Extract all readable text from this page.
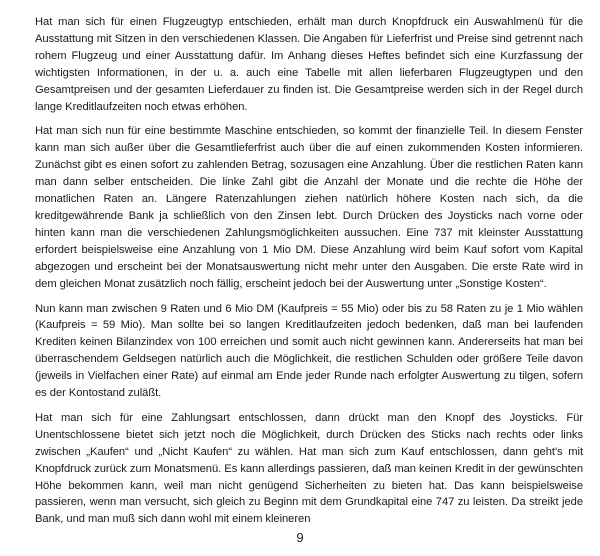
Hat man sich für einen Flugzeugtyp entschieden, erhält man durch Knopfdruck ein Auswahlmenü für die Ausstattung mit Sitzen in den verschiedenen Klassen. Die Angaben für Lieferfrist und Preise sind getrennt nach rohem Flugzeug und einer Ausstattung dafür. Im Anhang dieses Heftes befindet sich eine Kurzfassung der wichtigsten Informationen, in der u. a. auch eine Tabelle mit allen lieferbaren Flugzeugtypen und den Gesamtpreisen und der gesamten Lieferdauer zu finden ist. Die Gesamtpreise werden sich in der Regel durch lange Kreditlaufzeiten noch etwas erhöhen.

Hat man sich nun für eine bestimmte Maschine entschieden, so kommt der finanzielle Teil. In diesem Fenster kann man sich außer über die Gesamtlieferfrist auch über die auf einen zukommenden Kosten informieren. Zunächst gibt es einen sofort zu zahlenden Betrag, sozusagen eine Anzahlung. Über die restlichen Raten kann man dann selber entscheiden. Die linke Zahl gibt die Anzahl der Monate und die rechte die Höhe der monatlichen Raten an. Längere Ratenzahlungen ziehen natürlich höhere Kosten nach sich, da die kreditgewährende Bank ja schließlich von den Zinsen lebt. Durch Drücken des Joysticks nach vorne oder hinten kann man die verschiedenen Zahlungsmöglichkeiten aussuchen. Eine 737 mit kleinster Ausstattung erfordert beispielsweise eine Anzahlung von 1 Mio DM. Diese Anzahlung wird beim Kauf sofort vom Kapital abgezogen und erscheint bei der Monatsauswertung nicht mehr unter den Ausgaben. Die erste Rate wird in dem gleichen Monat zusätzlich noch fällig, erscheint jedoch bei der Auswertung unter „Sonstige Kosten“.

Nun kann man zwischen 9 Raten und 6 Mio DM (Kaufpreis = 55 Mio) oder bis zu 58 Raten zu je 1 Mio wählen (Kaufpreis = 59 Mio). Man sollte bei so langen Kreditlaufzeiten jedoch bedenken, daß man bei laufenden Krediten keinen Bilanzindex von 100 erreichen und somit auch nicht gewinnen kann. Andererseits hat man bei überraschendem Geldsegen natürlich auch die Möglichkeit, die restlichen Schulden oder größere Teile davon (jeweils in Vielfachen einer Rate) auf einmal am Ende jeder Runde nach erfolgter Auswertung zu tilgen, sofern es der Kontostand zuläßt.

Hat man sich für eine Zahlungsart entschlossen, dann drückt man den Knopf des Joysticks. Für Unentschlossene bietet sich jetzt noch die Möglichkeit, durch Drücken des Sticks nach rechts oder links zwischen „Kaufen“ und „Nicht Kaufen“ zu wählen. Hat man sich zum Kauf entschlossen, dann geht's mit Knopfdruck zurück zum Monatsmenü. Es kann allerdings passieren, daß man keinen Kredit in der gewünschten Höhe bekommen kann, weil man nicht genügend Sicherheiten zu bieten hat. Das kann beispielsweise passieren, wenn man versucht, sich gleich zu Beginn mit dem Grundkapital eine 747 zu leisten. Da streikt jede Bank, und man muß sich dann wohl mit einem kleineren

9
